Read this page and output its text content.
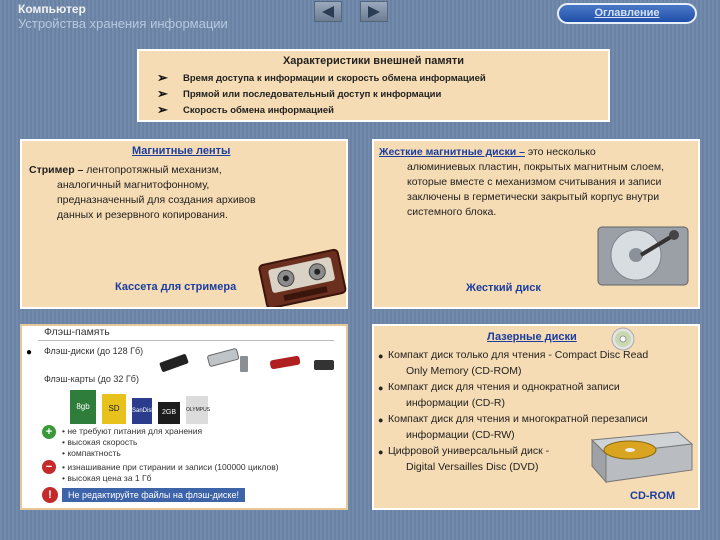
Компьютер
Устройства хранения информации
Оглавление
Характеристики внешней памяти
➢	Время доступа к информации и скорость обмена информацией
➢	Прямой или последовательный доступ к информации
➢	Скорость обмена информацией
Магнитные ленты
Стример – лентопротяжный механизм,
аналогичный магнитофонному,
предназначенный для создания архивов
данных и резервного копирования.
Кассета для стримера
Жесткие магнитные диски – это несколько
алюминиевых пластин, покрытых магнитным слоем,
которые вместе с механизмом считывания и записи
заключены в герметически закрытый корпус внутри
системного блока.
Жесткий диск
Флэш-память
● Флэш-диски (до 128 Гб)
Флэш-карты (до 32 Гб)
8gb	SD	SanDisk	2GB	OLYMPUS
+	• не требуют питания для хранения
• высокая скорость
• компактность
−	• изнашивание при стирании и записи (100000 циклов)
• высокая цена за 1 Гб
!	Не редактируйте файлы на флэш-диске!
Лазерные диски
● Компакт диск только для чтения - Compact Disc Read
Only Memory (CD-ROM)
● Компакт диск для чтения и однократной записи
информации (CD-R)
● Компакт диск для чтения и многократной перезаписи
информации (CD-RW)
● Цифровой универсальный диск -
Digital Versailles Disc (DVD)
CD-ROM
